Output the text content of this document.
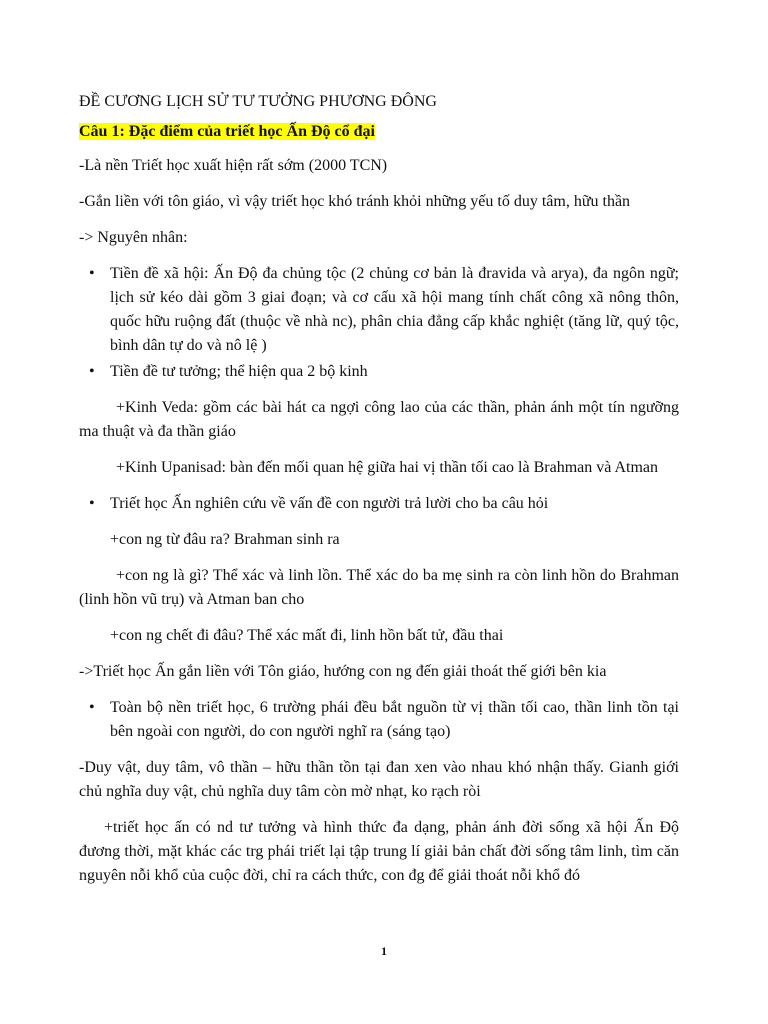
ĐỀ CƯƠNG LỊCH SỬ TƯ TƯỞNG PHƯƠNG ĐÔNG

Câu 1: Đặc điểm của triết học Ấn Độ cổ đại

-Là nền Triết học xuất hiện rất sớm (2000 TCN)

-Gắn liền với tôn giáo, vì vậy triết học khó tránh khỏi những yếu tố duy tâm, hữu thần

-> Nguyên nhân:

• Tiền đề xã hội: Ấn Độ đa chủng tộc (2 chủng cơ bản là đravida và arya), đa ngôn ngữ; lịch sử kéo dài gồm 3 giai đoạn; và cơ cấu xã hội mang tính chất công xã nông thôn, quốc hữu ruộng đất (thuộc về nhà nc), phân chia đẳng cấp khắc nghiệt (tăng lữ, quý tộc, bình dân tự do và nô lệ )

• Tiền đề tư tưởng; thể hiện qua 2 bộ kinh

+Kinh Veda: gồm các bài hát ca ngợi công lao của các thần, phản ánh một tín ngưỡng ma thuật và đa thần giáo

+Kinh Upanisad: bàn đến mối quan hệ giữa hai vị thần tối cao là Brahman và Atman

• Triết học Ấn nghiên cứu về vấn đề con người trả lười cho ba câu hỏi

+con ng từ đâu ra? Brahman sinh ra

+con ng là gì? Thể xác và linh lồn. Thể xác do ba mẹ sinh ra còn linh hồn do Brahman (linh hồn vũ trụ) và Atman ban cho

+con ng chết đi đâu? Thể xác mất đi, linh hồn bất tử, đầu thai

->Triết học Ấn gắn liền với Tôn giáo, hướng con ng đến giải thoát thế giới bên kia

• Toàn bộ nền triết học, 6 trường phái đều bắt nguồn từ vị thần tối cao, thần linh tồn tại bên ngoài con người, do con người nghĩ ra (sáng tạo)

-Duy vật, duy tâm, vô thần – hữu thần tồn tại đan xen vào nhau khó nhận thấy. Gianh giới chủ nghĩa duy vật, chủ nghĩa duy tâm còn mờ nhạt, ko rạch ròi

+triết học ấn có nd tư tưởng và hình thức đa dạng, phản ánh đời sống xã hội Ấn Độ đương thời, mặt khác các trg phái triết lại tập trung lí giải bản chất đời sống tâm linh, tìm căn nguyên nỗi khổ của cuộc đời, chỉ ra cách thức, con đg để giải thoát nỗi khổ đó

1
